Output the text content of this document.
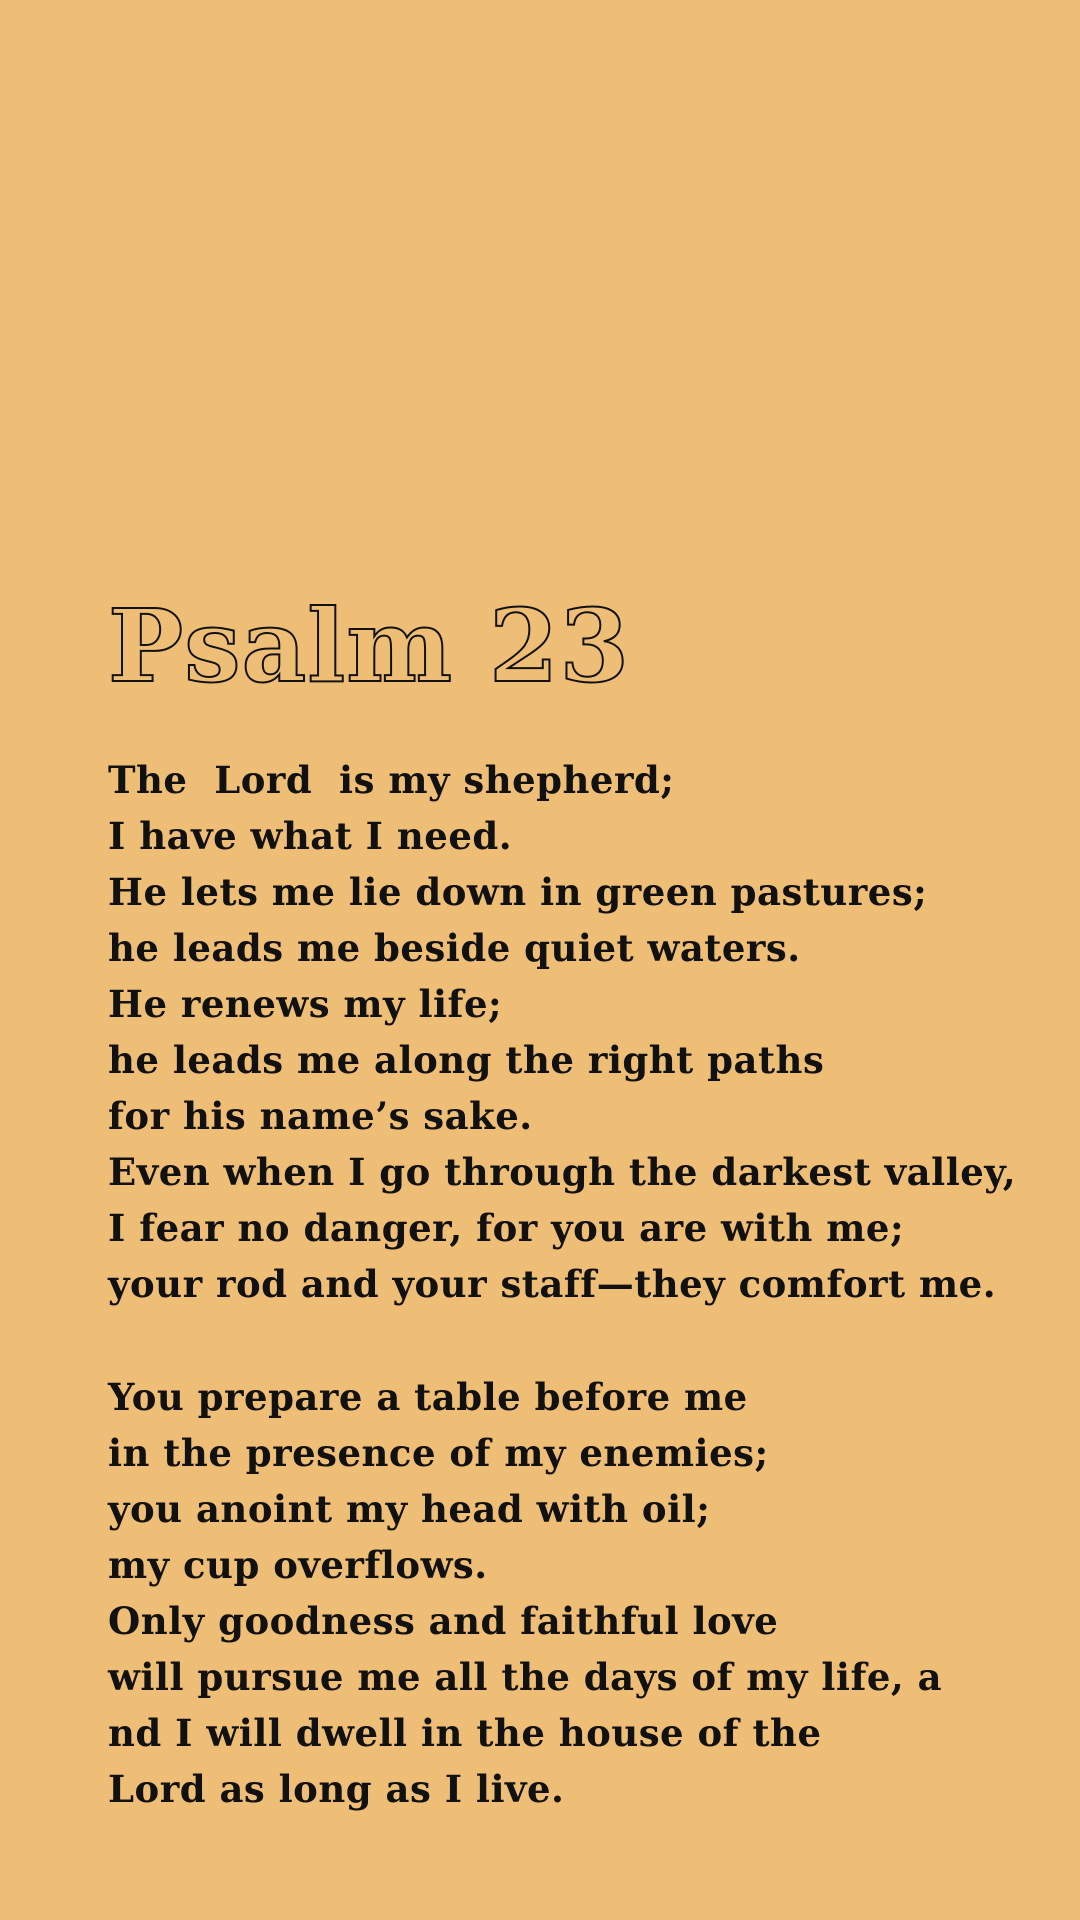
Psalm 23
The  Lord  is my shepherd;
I have what I need.
He lets me lie down in green pastures;
he leads me beside quiet waters.
He renews my life;
he leads me along the right paths
for his name’s sake.
Even when I go through the darkest valley,
I fear no danger, for you are with me;
your rod and your staff—they comfort me.
You prepare a table before me
in the presence of my enemies;
you anoint my head with oil;
my cup overflows.
Only goodness and faithful love
will pursue me all the days of my life, a
nd I will dwell in the house of the
Lord as long as I live.
